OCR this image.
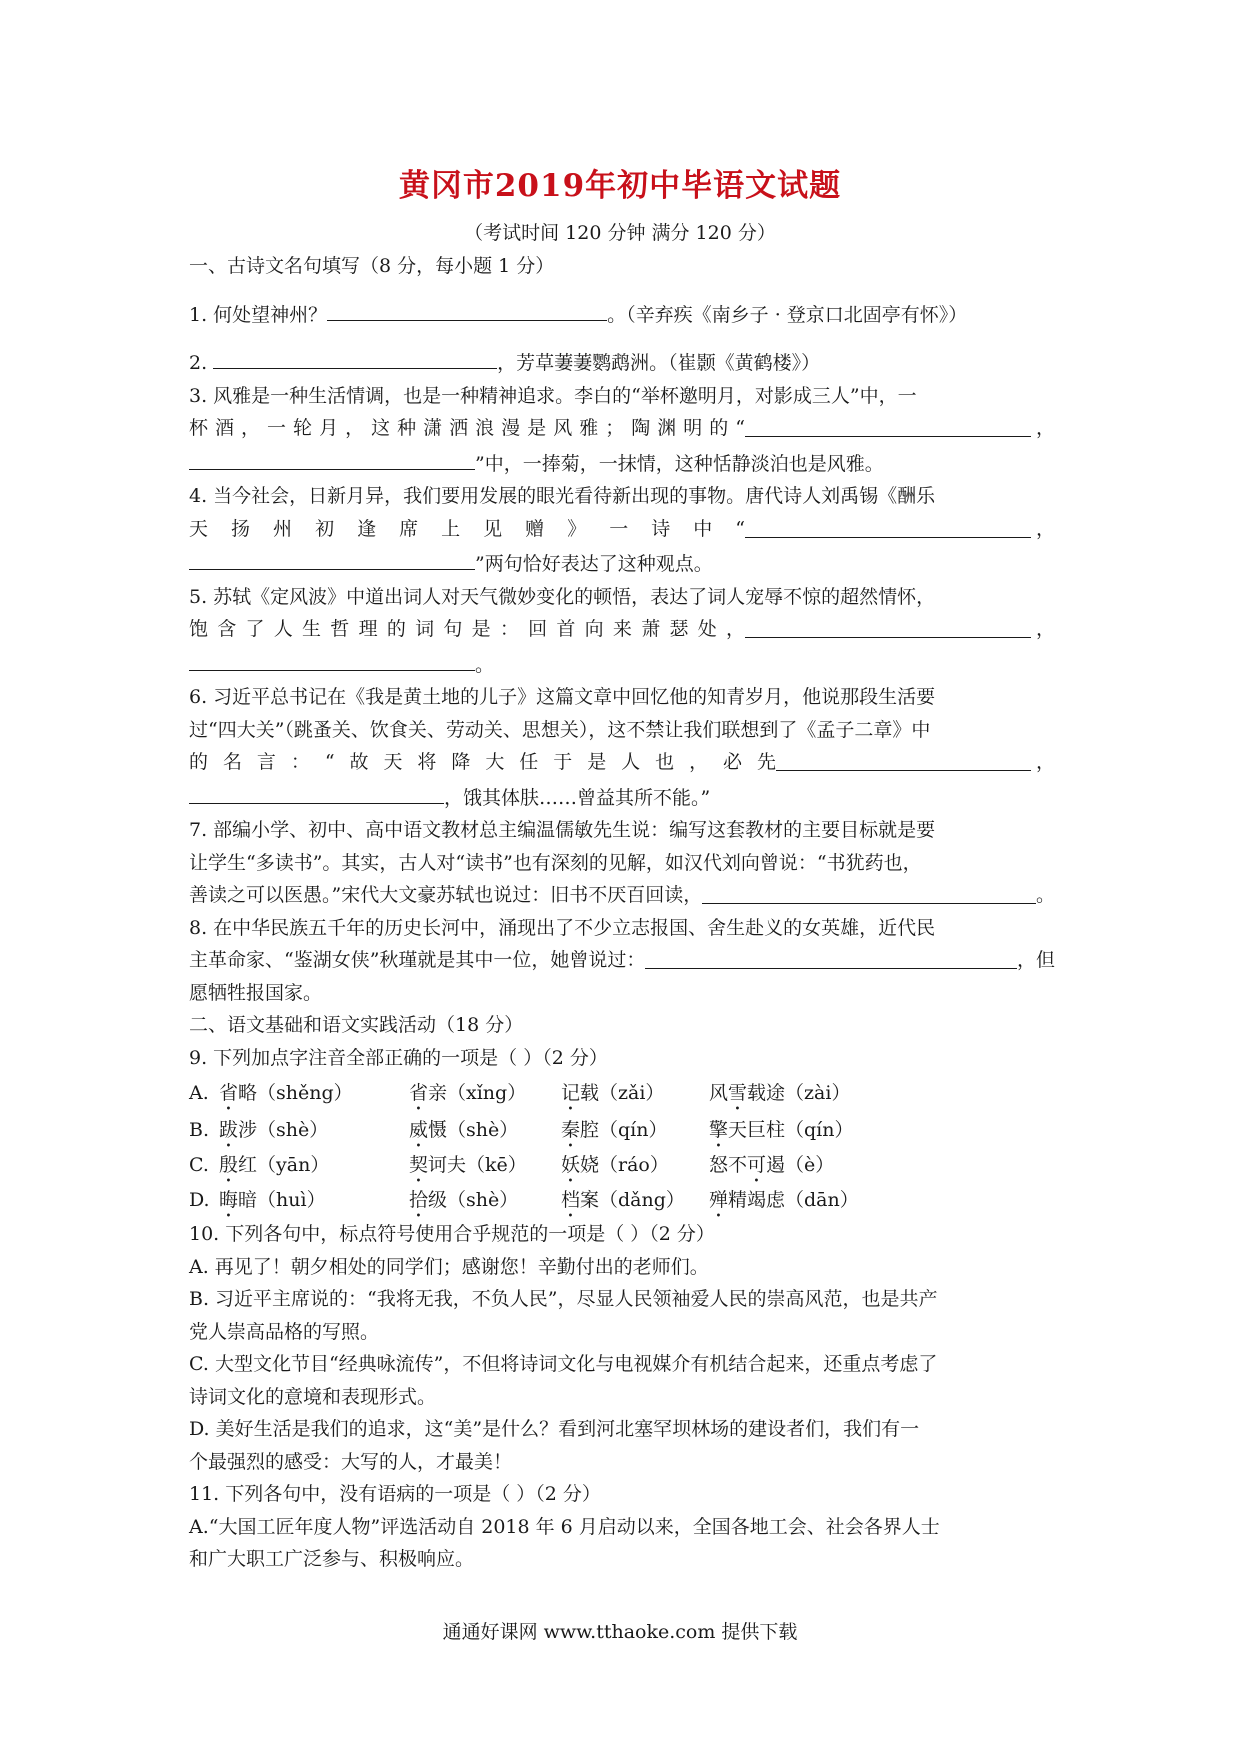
黄冈市2019年初中毕语文试题
（考试时间 120 分钟 满分 120 分）
一、古诗文名句填写（8 分，每小题 1 分）
1. 何处望神州？	。（辛弃疾《南乡子 · 登京口北固亭有怀》）
2.	，芳草萋萋鹦鹉洲。（崔颢《黄鹤楼》）
3. 风雅是一种生活情调，也是一种精神追求。李白的“举杯邀明月，对影成三人”中，一
杯酒，一轮月，这种潇洒浪漫是风雅；陶渊明的“	，
”中，一捧菊，一抹情，这种恬静淡泊也是风雅。
4. 当今社会，日新月异，我们要用发展的眼光看待新出现的事物。唐代诗人刘禹锡《酬乐
天扬州初逢席上见赠》一诗中“	，
”两句恰好表达了这种观点。
5. 苏轼《定风波》中道出词人对天气微妙变化的顿悟，表达了词人宠辱不惊的超然情怀，
饱含了人生哲理的词句是：回首向来萧瑟处，	，
。
6. 习近平总书记在《我是黄土地的儿子》这篇文章中回忆他的知青岁月，他说那段生活要
过“四大关”（跳蚤关、饮食关、劳动关、思想关），这不禁让我们联想到了《孟子二章》中
的名言：“故天将降大任于是人也，必先	，
，饿其体肤……曾益其所不能。”
7. 部编小学、初中、高中语文教材总主编温儒敏先生说：编写这套教材的主要目标就是要
让学生“多读书”。其实，古人对“读书”也有深刻的见解，如汉代刘向曾说：“书犹药也，
善读之可以医愚。”宋代大文豪苏轼也说过：旧书不厌百回读，	。
8. 在中华民族五千年的历史长河中，涌现出了不少立志报国、舍生赴义的女英雄，近代民
主革命家、“鉴湖女侠”秋瑾就是其中一位，她曾说过：	，但
愿牺牲报国家。
二、语文基础和语文实践活动（18 分）
9. 下列加点字注音全部正确的一项是（ ）（2 分）
A. 省略（shěng）	省亲（xǐng） 记载（zǎi） 风雪载途（zài）
B. 跋涉（shè）	威慑（shè） 秦腔（qín） 擎天巨柱（qín）
C. 殷红（yān）	契诃夫（kē） 妖娆（ráo） 怒不可遏（è）
D. 晦暗（huì）	拾级（shè） 档案（dǎng） 殚精竭虑（dān）
10. 下列各句中，标点符号使用合乎规范的一项是（ ）（2 分）
A. 再见了！朝夕相处的同学们；感谢您！辛勤付出的老师们。
B. 习近平主席说的：“我将无我，不负人民”，尽显人民领袖爱人民的崇高风范，也是共产
党人崇高品格的写照。
C. 大型文化节目“经典咏流传”，不但将诗词文化与电视媒介有机结合起来，还重点考虑了
诗词文化的意境和表现形式。
D. 美好生活是我们的追求，这“美”是什么？看到河北塞罕坝林场的建设者们，我们有一
个最强烈的感受：大写的人，才最美！
11. 下列各句中，没有语病的一项是（ ）（2 分）
A.“大国工匠年度人物”评选活动自 2018 年 6 月启动以来，全国各地工会、社会各界人士
和广大职工广泛参与、积极响应。
通通好课网 www.tthaoke.com 提供下载
